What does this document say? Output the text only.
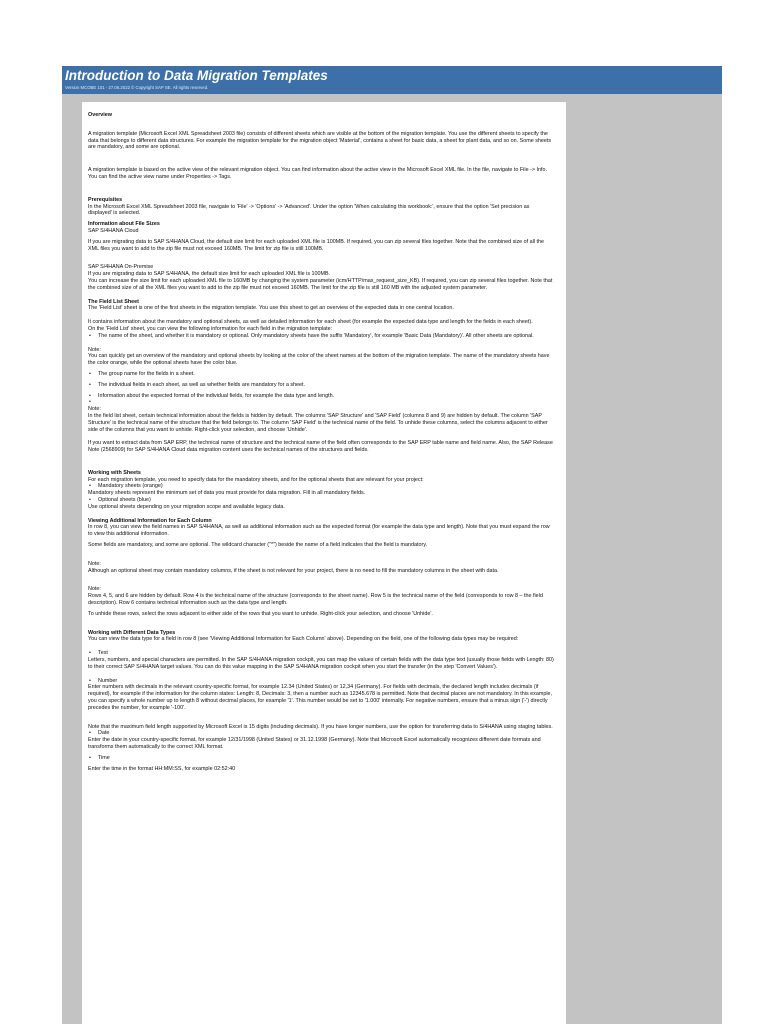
Introduction to Data Migration Templates
Version MCOBE 101 - 27.06.2022 © Copyright SAP SE. All rights reserved.

Overview

A migration template (Microsoft Excel XML Spreadsheet 2003 file) consists of different sheets which are visible at the bottom of the migration template. You use the different sheets to specify the data that belongs to different data structures. For example the migration template for the migration object 'Material', contains a sheet for basic data, a sheet for plant data, and so on. Some sheets are mandatory, and some are optional.

A migration template is based on the active view of the relevant migration object. You can find information about the active view in the Microsoft Excel XML file. In the file, navigate to File -> Info. You can find the active view name under Properties -> Tags.

Prerequisites

In the Microsoft Excel XML Spreadsheet 2003 file, navigate to 'File' -> 'Options' -> 'Advanced'. Under the option 'When calculating this workbook:', ensure that the option 'Set precision as displayed' is selected.

Information about File Sizes

SAP S/4HANA Cloud

If you are migrating data to SAP S/4HANA Cloud, the default size limit for each uploaded XML file is 100MB. If required, you can zip several files together. Note that the combined size of all the XML files you want to add to the zip file must not exceed 160MB. The limit for zip file is still 100MB.

SAP S/4HANA On-Premise

If you are migrating data to SAP S/4HANA, the default size limit for each uploaded XML file is 100MB.

You can increase the size limit for each uploaded XML file to 160MB by changing the system parameter (icm/HTTP/max_request_size_KB). If required, you can zip several files together. Note that the combined size of all the XML files you want to add to the zip file must not exceed 160MB. The limit for the zip file is still 160 MB with the adjusted system parameter.

The Field List Sheet

The 'Field List' sheet is one of the first sheets in the migration template. You use this sheet to get an overview of the expected data in one central location.

It contains information about the mandatory and optional sheets, as well as detailed information for each sheet (for example the expected data type and length for the fields in each sheet).

On the 'Field List' sheet, you can view the following information for each field in the migration template:

• The name of the sheet, and whether it is mandatory or optional. Only mandatory sheets have the suffix 'Mandatory', for example 'Basic Data (Mandatory)'. All other sheets are optional.

Note:

You can quickly get an overview of the mandatory and optional sheets by looking at the color of the sheet names at the bottom of the migration template. The name of the mandatory sheets have the color orange, while the optional sheets have the color blue.

• The group name for the fields in a sheet.

• The individual fields in each sheet, as well as whether fields are mandatory for a sheet.

• Information about the expected format of the individual fields, for example the data type and length.

•

Note:

In the field list sheet, certain technical information about the fields is hidden by default. The columns 'SAP Structure' and 'SAP Field' (columns 8 and 9) are hidden by default. The column 'SAP Structure' is the technical name of the structure that the field belongs to. The column 'SAP Field' is the technical name of the field. To unhide these columns, select the columns adjacent to either side of the columns that you want to unhide. Right-click your selection, and choose 'Unhide'.

If you want to extract data from SAP ERP, the technical name of structure and the technical name of the field often corresponds to the SAP ERP table name and field name. Also, the SAP Release Note (2568909) for SAP S/4HANA Cloud data migration content uses the technical names of the structures and fields.

Working with Sheets

For each migration template, you need to specify data for the mandatory sheets, and for the optional sheets that are relevant for your project:

• Mandatory sheets (orange)

Mandatory sheets represent the minimum set of data you must provide for data migration. Fill in all mandatory fields.

• Optional sheets (blue)

Use optional sheets depending on your migration scope and available legacy data.

Viewing Additional Information for Each Column

In row 8, you can view the field names in SAP S/4HANA, as well as additional information such as the expected format (for example the data type and length). Note that you must expand the row to view this additional information.

Some fields are mandatory, and some are optional. The wildcard character ("*") beside the name of a field indicates that the field is mandatory.

Note:

Although an optional sheet may contain mandatory columns, if the sheet is not relevant for your project, there is no need to fill the mandatory columns in the sheet with data.

Note:

Rows 4, 5, and 6 are hidden by default. Row 4 is the technical name of the structure (corresponds to the sheet name). Row 5 is the technical name of the field (corresponds to row 8 – the field description). Row 6 contains technical information such as the data type and length.

To unhide these rows, select the rows adjacent to either side of the rows that you want to unhide. Right-click your selection, and choose 'Unhide'.

Working with Different Data Types

You can view the data type for a field in row 8 (see 'Viewing Additional Information for Each Column' above). Depending on the field, one of the following data types may be required:

• Text

Letters, numbers, and special characters are permitted. In the SAP S/4HANA migration cockpit, you can map the values of certain fields with the data type text (usually those fields with Length: 80) to their correct SAP S/4HANA target values. You can do this value mapping in the SAP S/4HANA migration cockpit when you start the transfer (in the step 'Convert Values').

• Number

Enter numbers with decimals in the relevant country-specific format, for example 12.34 (United States) or 12,34 (Germany). For fields with decimals, the declared length includes decimals (if required), for example if the information for the column states: Length: 8, Decimals: 3, then a number such as 12345.678 is permitted. Note that decimal places are not mandatory. In this example, you can specify a whole number up to length 8 without decimal places, for example '1'. This number would be set to '1.000' internally. For negative numbers, ensure that a minus sign ('-') directly precedes the number, for example '-100'.

Note that the maximum field length supported by Microsoft Excel is 15 digits (including decimals). If you have longer numbers, use the option for transferring data to S/4HANA using staging tables.

• Date

Enter the date in your country-specific format, for example 12/31/1998 (United States) or 31.12.1998 (Germany). Note that Microsoft Excel automatically recognizes different date formats and transforms them automatically to the correct XML format.

• Time

Enter the time in the format HH:MM:SS, for example 02:52:40
